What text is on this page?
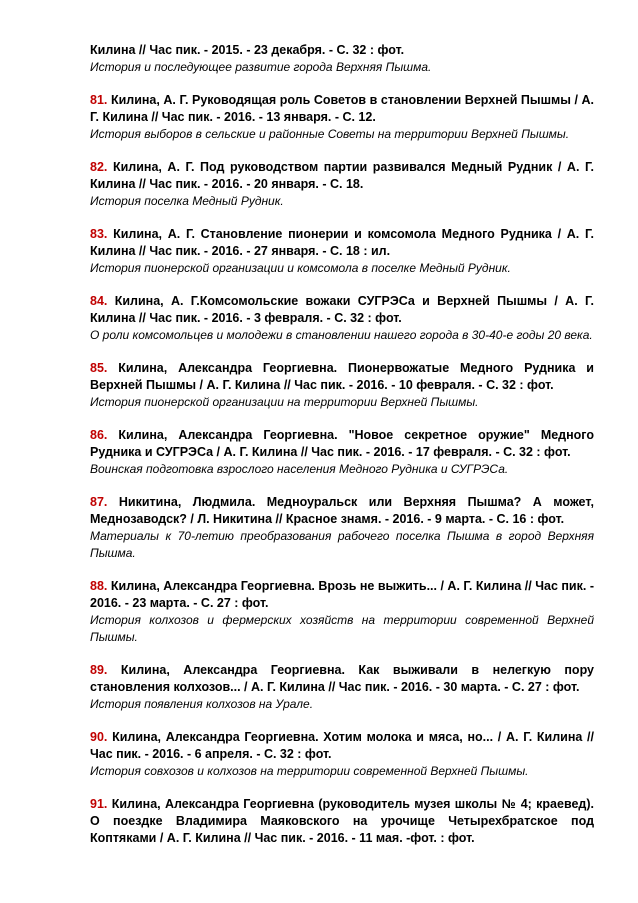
Килина // Час пик. - 2015. - 23 декабря. - С. 32 : фот.

История и последующее развитие города Верхняя Пышма.

81. Килина, А. Г. Руководящая роль Советов в становлении Верхней Пышмы / А. Г. Килина // Час пик. - 2016. - 13 января. - С. 12.

История выборов в сельские и районные Советы на территории Верхней Пышмы.

82. Килина, А. Г. Под руководством партии развивался Медный Рудник / А. Г. Килина // Час пик. - 2016. - 20 января. - С. 18.

История поселка Медный Рудник.

83. Килина, А. Г. Становление пионерии и комсомола Медного Рудника / А. Г. Килина // Час пик. - 2016. - 27 января. - С. 18 : ил.

История пионерской организации и комсомола в поселке Медный Рудник.

84. Килина, А. Г.Комсомольские вожаки СУГРЭСа и Верхней Пышмы / А. Г. Килина // Час пик. - 2016. - 3 февраля. - С. 32 : фот.

О роли комсомольцев и молодежи в становлении нашего города в 30-40-е годы 20 века.

85. Килина, Александра Георгиевна. Пионервожатые Медного Рудника и Верхней Пышмы / А. Г. Килина // Час пик. - 2016. - 10 февраля. - С. 32 : фот.

История пионерской организации на территории Верхней Пышмы.

86. Килина, Александра Георгиевна. "Новое секретное оружие" Медного Рудника и СУГРЭСа / А. Г. Килина // Час пик. - 2016. - 17 февраля. - С. 32 : фот.

Воинская подготовка взрослого населения Медного Рудника и СУГРЭСа.

87. Никитина, Людмила. Медноуральск или Верхняя Пышма? А может, Меднозаводск? / Л. Никитина // Красное знамя. - 2016. - 9 марта. - С. 16 : фот.

Материалы к 70-летию преобразования рабочего поселка Пышма в город Верхняя Пышма.

88. Килина, Александра Георгиевна. Врозь не выжить... / А. Г. Килина // Час пик. - 2016. - 23 марта. - С. 27 : фот.

История колхозов и фермерских хозяйств на территории современной Верхней Пышмы.

89. Килина, Александра Георгиевна. Как выживали в нелегкую пору становления колхозов... / А. Г. Килина // Час пик. - 2016. - 30 марта. - С. 27 : фот.

История появления колхозов на Урале.

90. Килина, Александра Георгиевна. Хотим молока и мяса, но... / А. Г. Килина // Час пик. - 2016. - 6 апреля. - С. 32 : фот.

История совхозов и колхозов на территории современной Верхней Пышмы.

91. Килина, Александра Георгиевна (руководитель музея школы № 4; краевед). О поездке Владимира Маяковского на урочище Четырехбратское под Коптяками / А. Г. Килина // Час пик. - 2016. - 11 мая. -фот. : фот.
